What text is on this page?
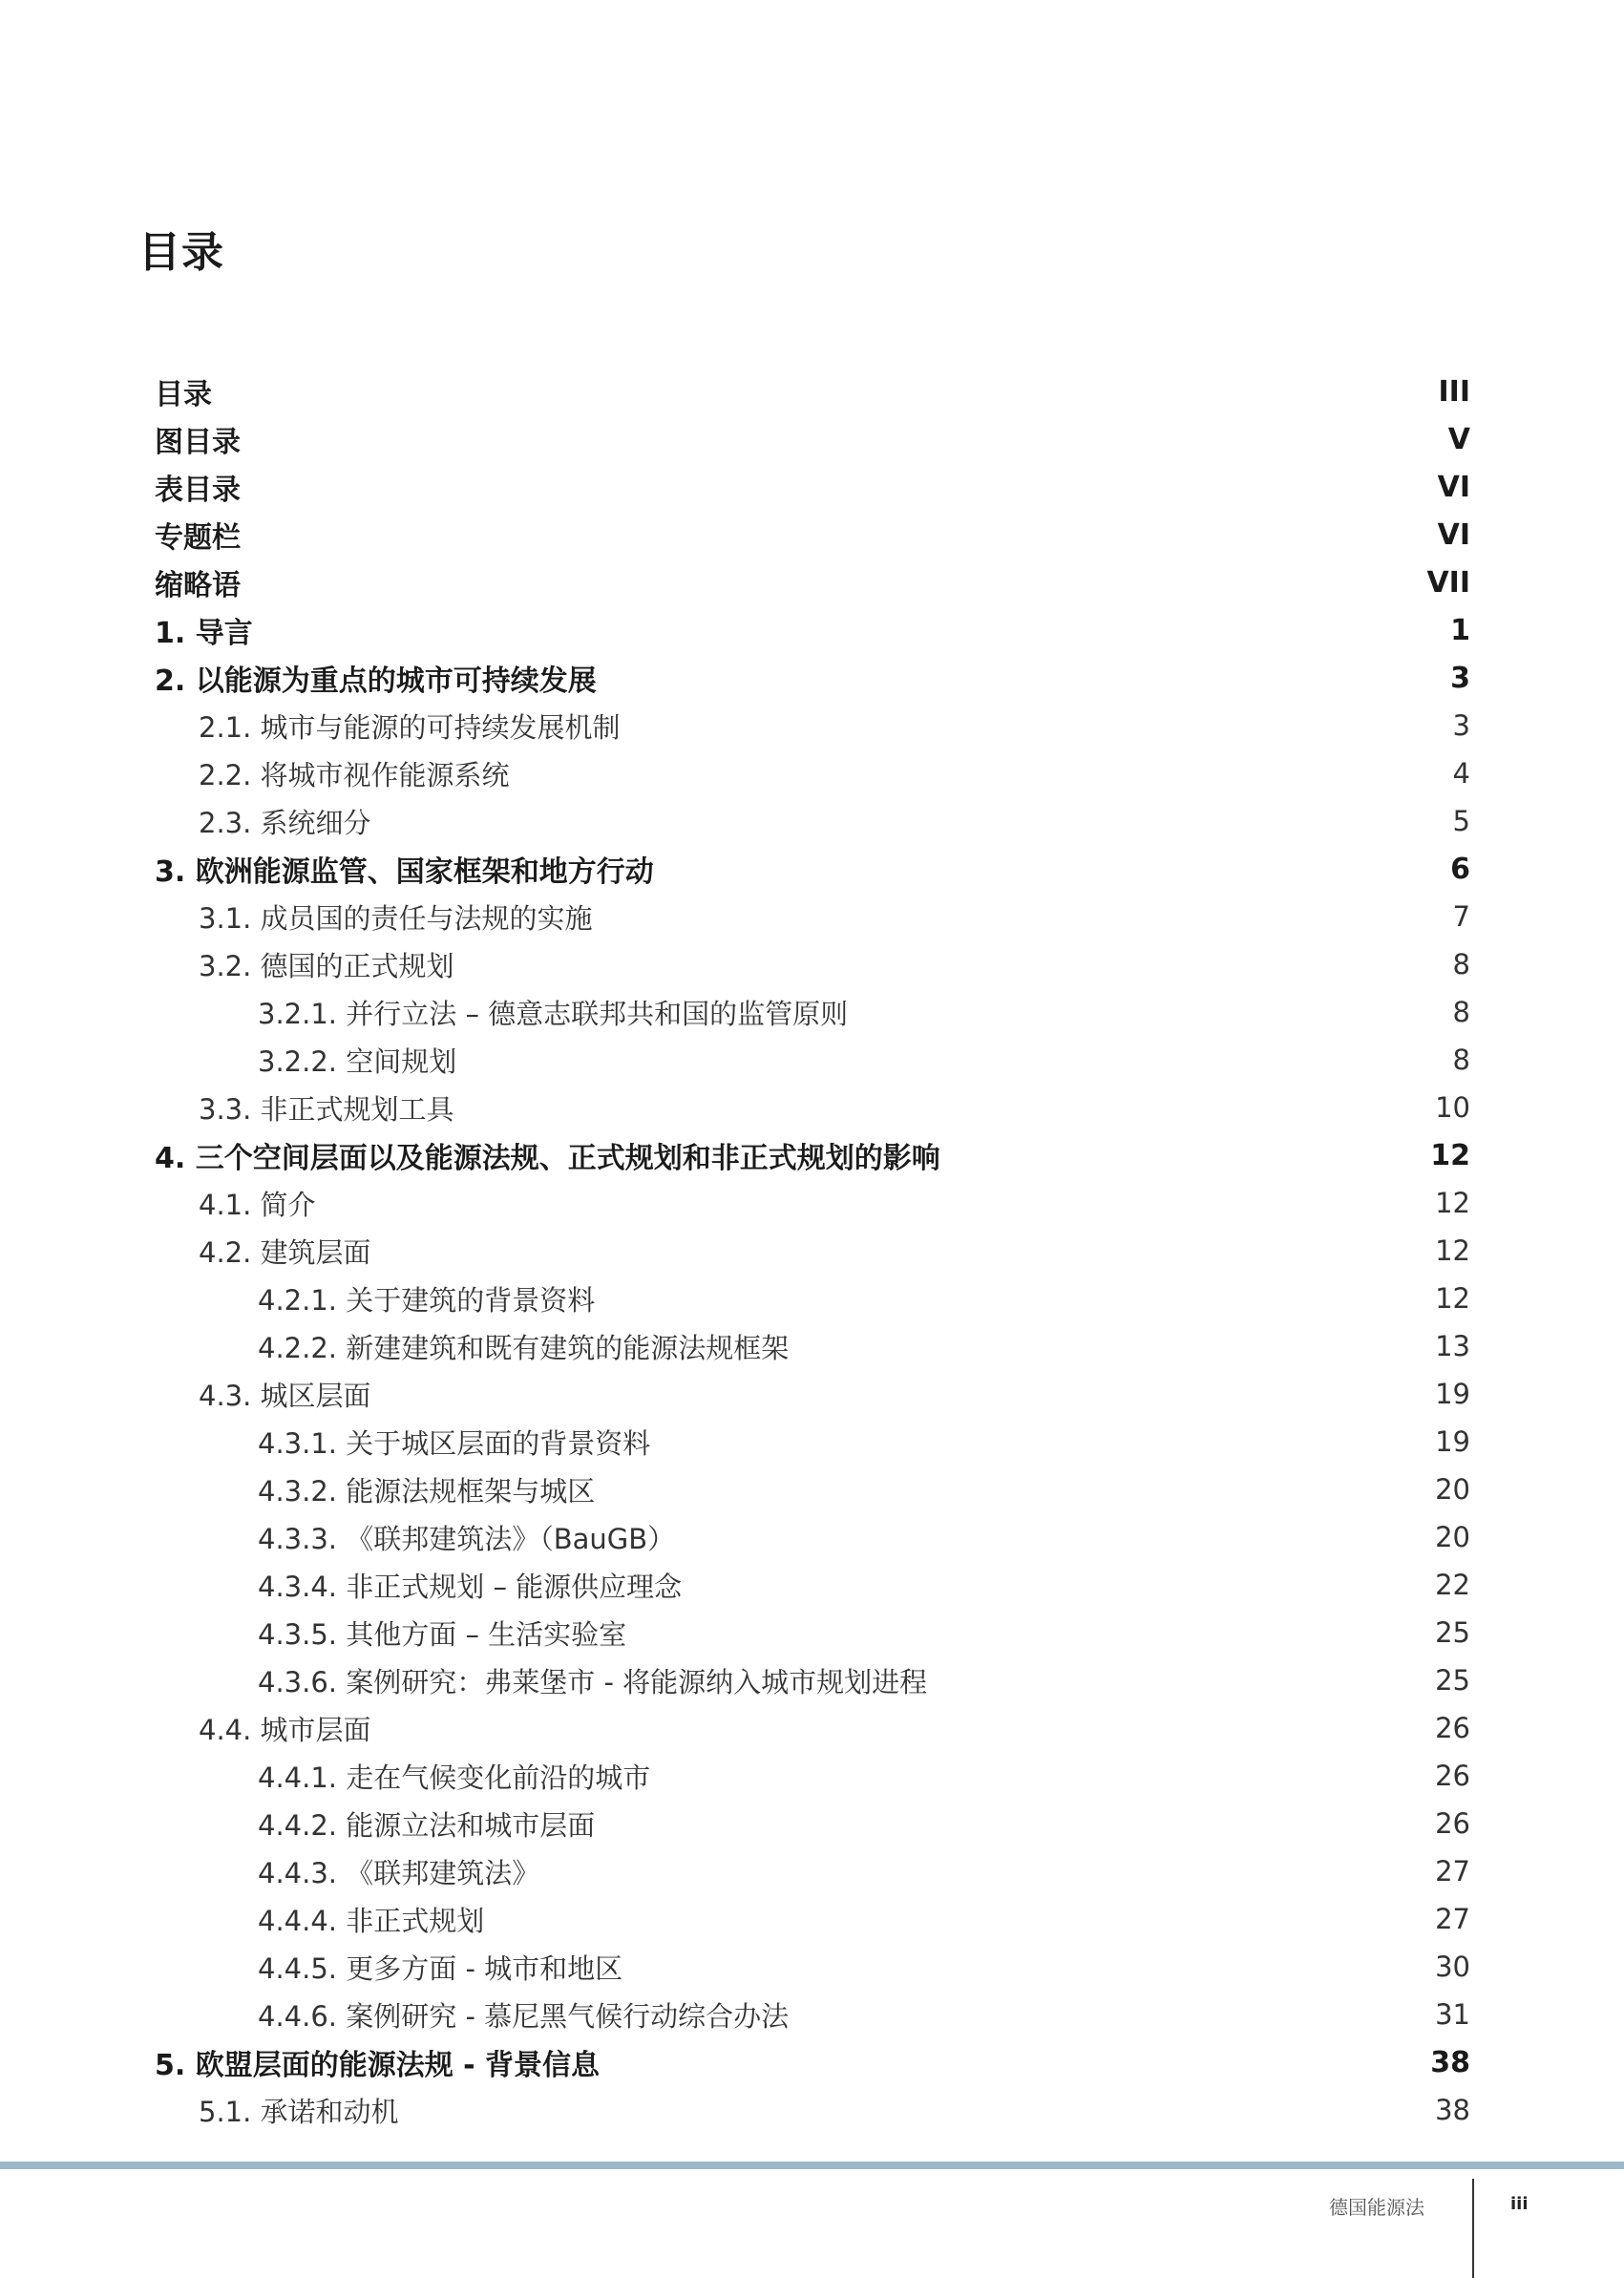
目录
目录	III
图目录	V
表目录	VI
专题栏	VI
缩略语	VII
1. 导言	1
2. 以能源为重点的城市可持续发展	3
2.1. 城市与能源的可持续发展机制	3
2.2. 将城市视作能源系统	4
2.3. 系统细分	5
3. 欧洲能源监管、国家框架和地方行动	6
3.1. 成员国的责任与法规的实施	7
3.2. 德国的正式规划	8
3.2.1. 并行立法 – 德意志联邦共和国的监管原则	8
3.2.2. 空间规划	8
3.3. 非正式规划工具	10
4. 三个空间层面以及能源法规、正式规划和非正式规划的影响	12
4.1. 简介	12
4.2. 建筑层面	12
4.2.1. 关于建筑的背景资料	12
4.2.2. 新建建筑和既有建筑的能源法规框架	13
4.3. 城区层面	19
4.3.1. 关于城区层面的背景资料	19
4.3.2. 能源法规框架与城区	20
4.3.3. 《联邦建筑法》（BauGB）	20
4.3.4. 非正式规划 – 能源供应理念	22
4.3.5. 其他方面 – 生活实验室	25
4.3.6. 案例研究：弗莱堡市 - 将能源纳入城市规划进程	25
4.4. 城市层面	26
4.4.1. 走在气候变化前沿的城市	26
4.4.2. 能源立法和城市层面	26
4.4.3. 《联邦建筑法》	27
4.4.4. 非正式规划	27
4.4.5. 更多方面 - 城市和地区	30
4.4.6. 案例研究 - 慕尼黑气候行动综合办法	31
5. 欧盟层面的能源法规 - 背景信息	38
5.1. 承诺和动机	38
德国能源法	iii
